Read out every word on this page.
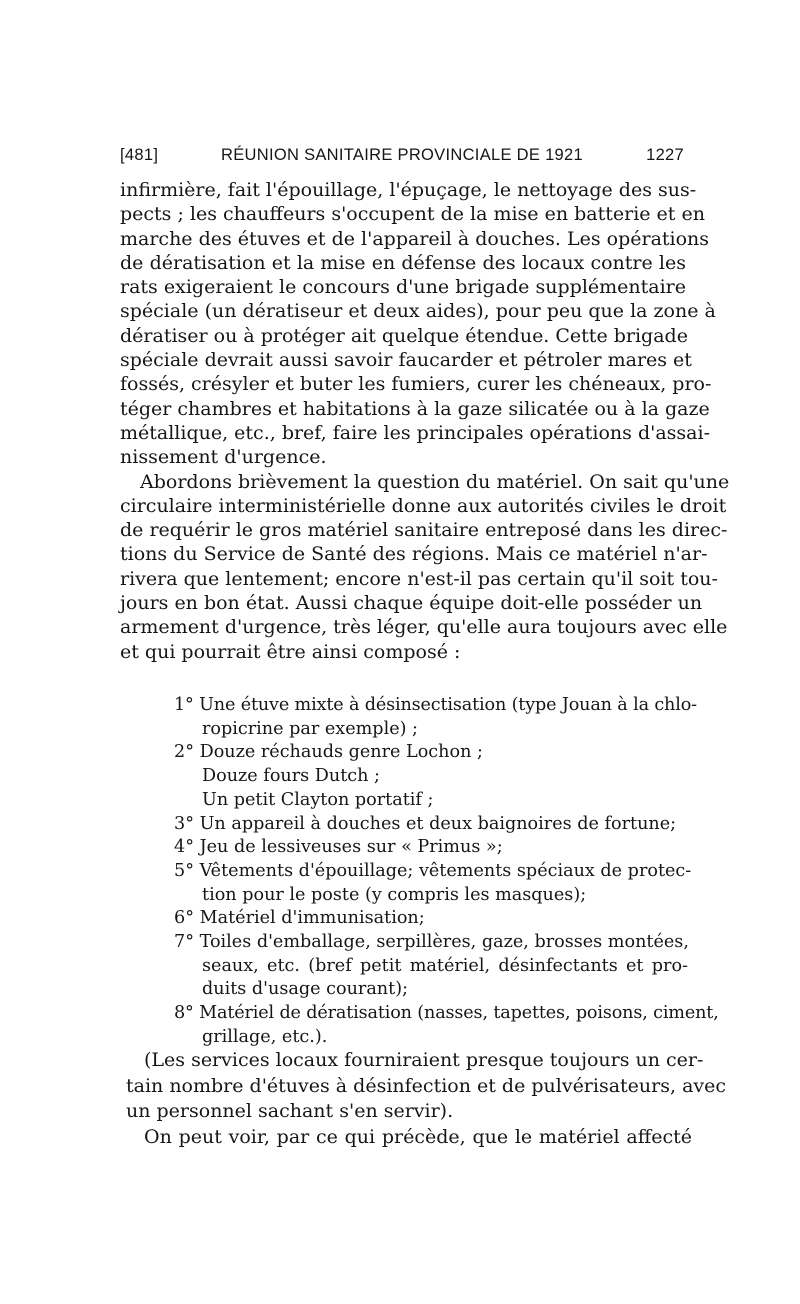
[481]	RÉUNION SANITAIRE PROVINCIALE DE 1921	1227
infirmière, fait l'épouillage, l'épuçage, le nettoyage des sus-
pects ; les chauffeurs s'occupent de la mise en batterie et en
marche des étuves et de l'appareil à douches. Les opérations
de dératisation et la mise en défense des locaux contre les
rats exigeraient le concours d'une brigade supplémentaire
spéciale (un dératiseur et deux aides), pour peu que la zone à
dératiser ou à protéger ait quelque étendue. Cette brigade
spéciale devrait aussi savoir faucarder et pétroler mares et
fossés, crésyler et buter les fumiers, curer les chéneaux, pro-
téger chambres et habitations à la gaze silicatée ou à la gaze
métallique, etc., bref, faire les principales opérations d'assai-
nissement d'urgence.
Abordons brièvement la question du matériel. On sait qu'une
circulaire interministérielle donne aux autorités civiles le droit
de requérir le gros matériel sanitaire entreposé dans les direc-
tions du Service de Santé des régions. Mais ce matériel n'ar-
rivera que lentement; encore n'est-il pas certain qu'il soit tou-
jours en bon état. Aussi chaque équipe doit-elle posséder un
armement d'urgence, très léger, qu'elle aura toujours avec elle
et qui pourrait être ainsi composé :
1° Une étuve mixte à désinsectisation (type Jouan à la chlo-
ropicrine par exemple) ;
2° Douze réchauds genre Lochon ;
Douze fours Dutch ;
Un petit Clayton portatif ;
3° Un appareil à douches et deux baignoires de fortune;
4° Jeu de lessiveuses sur « Primus »;
5° Vêtements d'épouillage; vêtements spéciaux de protec-
tion pour le poste (y compris les masques);
6° Matériel d'immunisation;
7° Toiles d'emballage, serpillères, gaze, brosses montées,
seaux, etc. (bref petit matériel, désinfectants et pro-
duits d'usage courant);
8° Matériel de dératisation (nasses, tapettes, poisons, ciment,
grillage, etc.).
(Les services locaux fourniraient presque toujours un cer-
tain nombre d'étuves à désinfection et de pulvérisateurs, avec
un personnel sachant s'en servir).
On peut voir, par ce qui précède, que le matériel affecté
